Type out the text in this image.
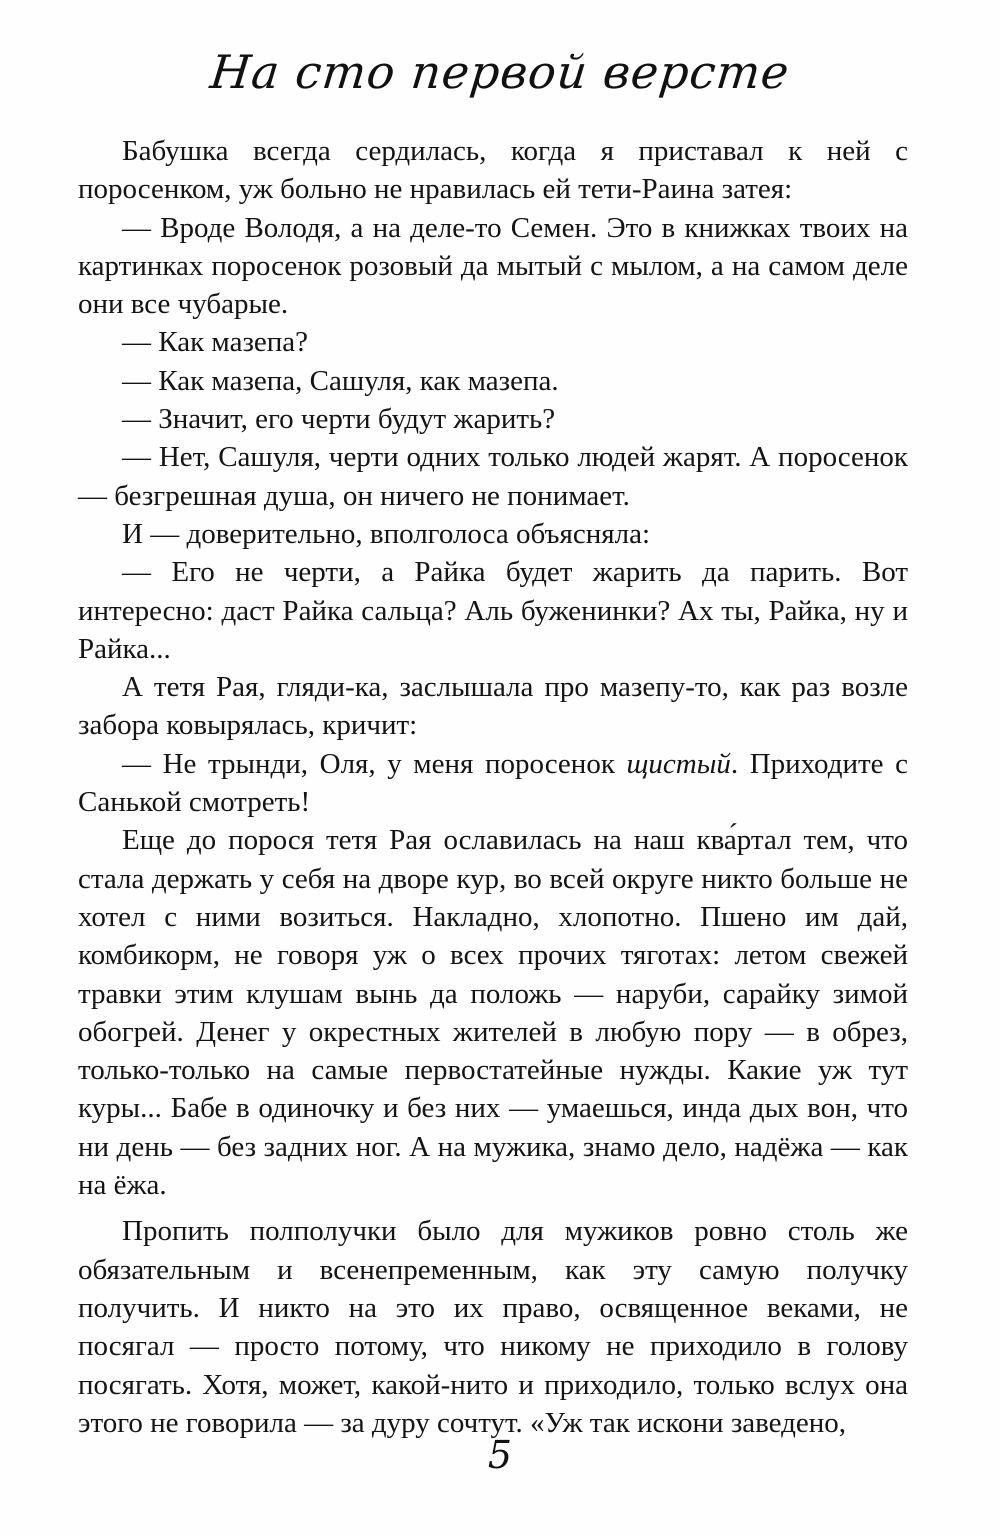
На сто первой версте

Бабушка всегда сердилась, когда я приставал к ней с поросенком, уж больно не нравилась ей тети-Раина затея:

— Вроде Володя, а на деле-то Семен. Это в книжках твоих на картинках поросенок розовый да мытый с мылом, а на самом деле они все чубарые.

— Как мазепа?

— Как мазепа, Сашуля, как мазепа.

— Значит, его черти будут жарить?

— Нет, Сашуля, черти одних только людей жарят. А поросенок — безгрешная душа, он ничего не понимает.

И — доверительно, вполголоса объясняла:

— Его не черти, а Райка будет жарить да парить. Вот интересно: даст Райка сальца? Аль буженинки? Ах ты, Райка, ну и Райка...

А тетя Рая, гляди-ка, заслышала про мазепу-то, как раз возле забора ковырялась, кричит:

— Не трынди, Оля, у меня поросенок щистый. Приходите с Санькой смотреть!

Еще до порося тетя Рая ославилась на наш ква́ртал тем, что стала держать у себя на дворе кур, во всей округе никто больше не хотел с ними возиться. Накладно, хлопотно. Пшено им дай, комбикорм, не говоря уж о всех прочих тяготах: летом свежей травки этим клушам вынь да положь — наруби, сарайку зимой обогрей. Денег у окрестных жителей в любую пору — в обрез, только-только на самые первостатейные нужды. Какие уж тут куры... Бабе в одиночку и без них — умаешься, инда дых вон, что ни день — без задних ног. А на мужика, знамо дело, надёжа — как на ёжа.

Пропить полполучки было для мужиков ровно столь же обязательным и всенепременным, как эту самую получку получить. И никто на это их право, освященное веками, не посягал — просто потому, что никому не приходило в голову посягать. Хотя, может, какой-нито и приходило, только вслух она этого не говорила — за дуру сочтут. «Уж так искони заведено,

5
